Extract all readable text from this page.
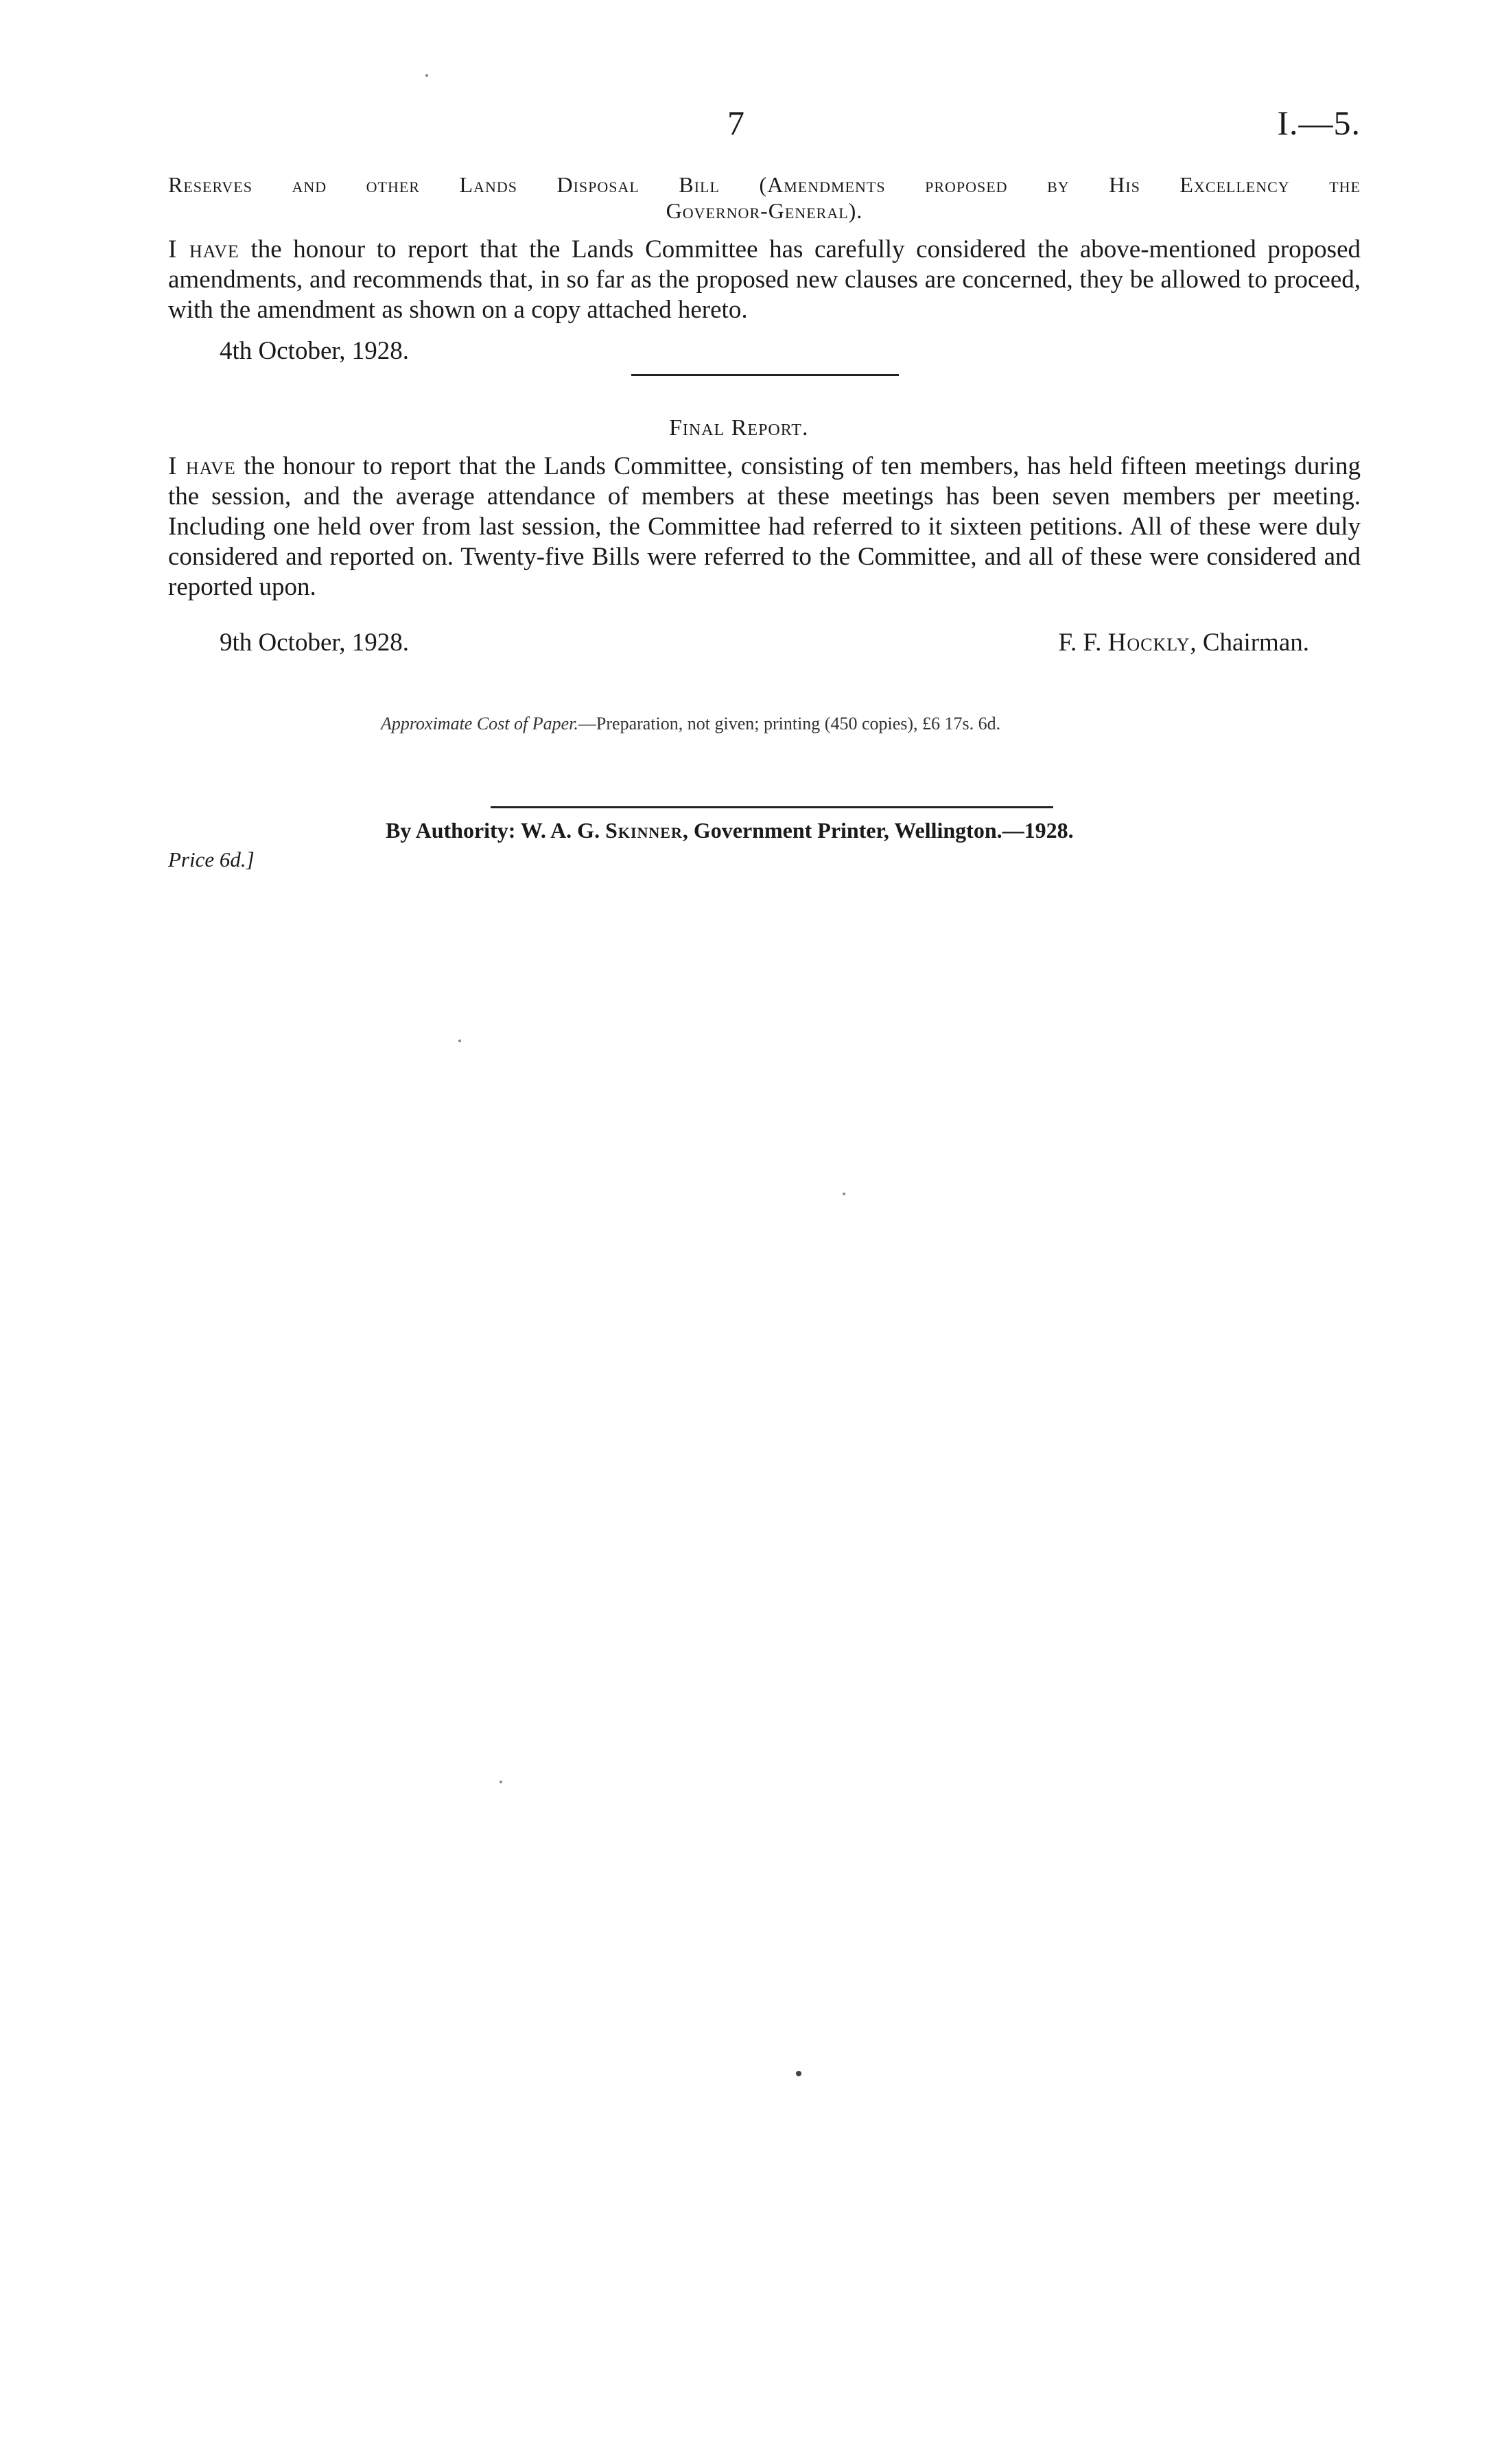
7	I.—5.
Reserves and other Lands Disposal Bill (Amendments proposed by His Excellency the
Governor-General).
I have the honour to report that the Lands Committee has carefully considered the above-mentioned proposed amendments, and recommends that, in so far as the proposed new clauses are concerned, they be allowed to proceed, with the amendment as shown on a copy attached hereto.
4th October, 1928.
Final Report.
I have the honour to report that the Lands Committee, consisting of ten members, has held fifteen meetings during the session, and the average attendance of members at these meetings has been seven members per meeting. Including one held over from last session, the Committee had referred to it sixteen petitions. All of these were duly considered and reported on. Twenty-five Bills were referred to the Committee, and all of these were considered and reported upon.
9th October, 1928.	F. F. Hockly, Chairman.
Approximate Cost of Paper.—Preparation, not given; printing (450 copies), £6 17s. 6d.
By Authority: W. A. G. Skinner, Government Printer, Wellington.—1928.
Price 6d.]
